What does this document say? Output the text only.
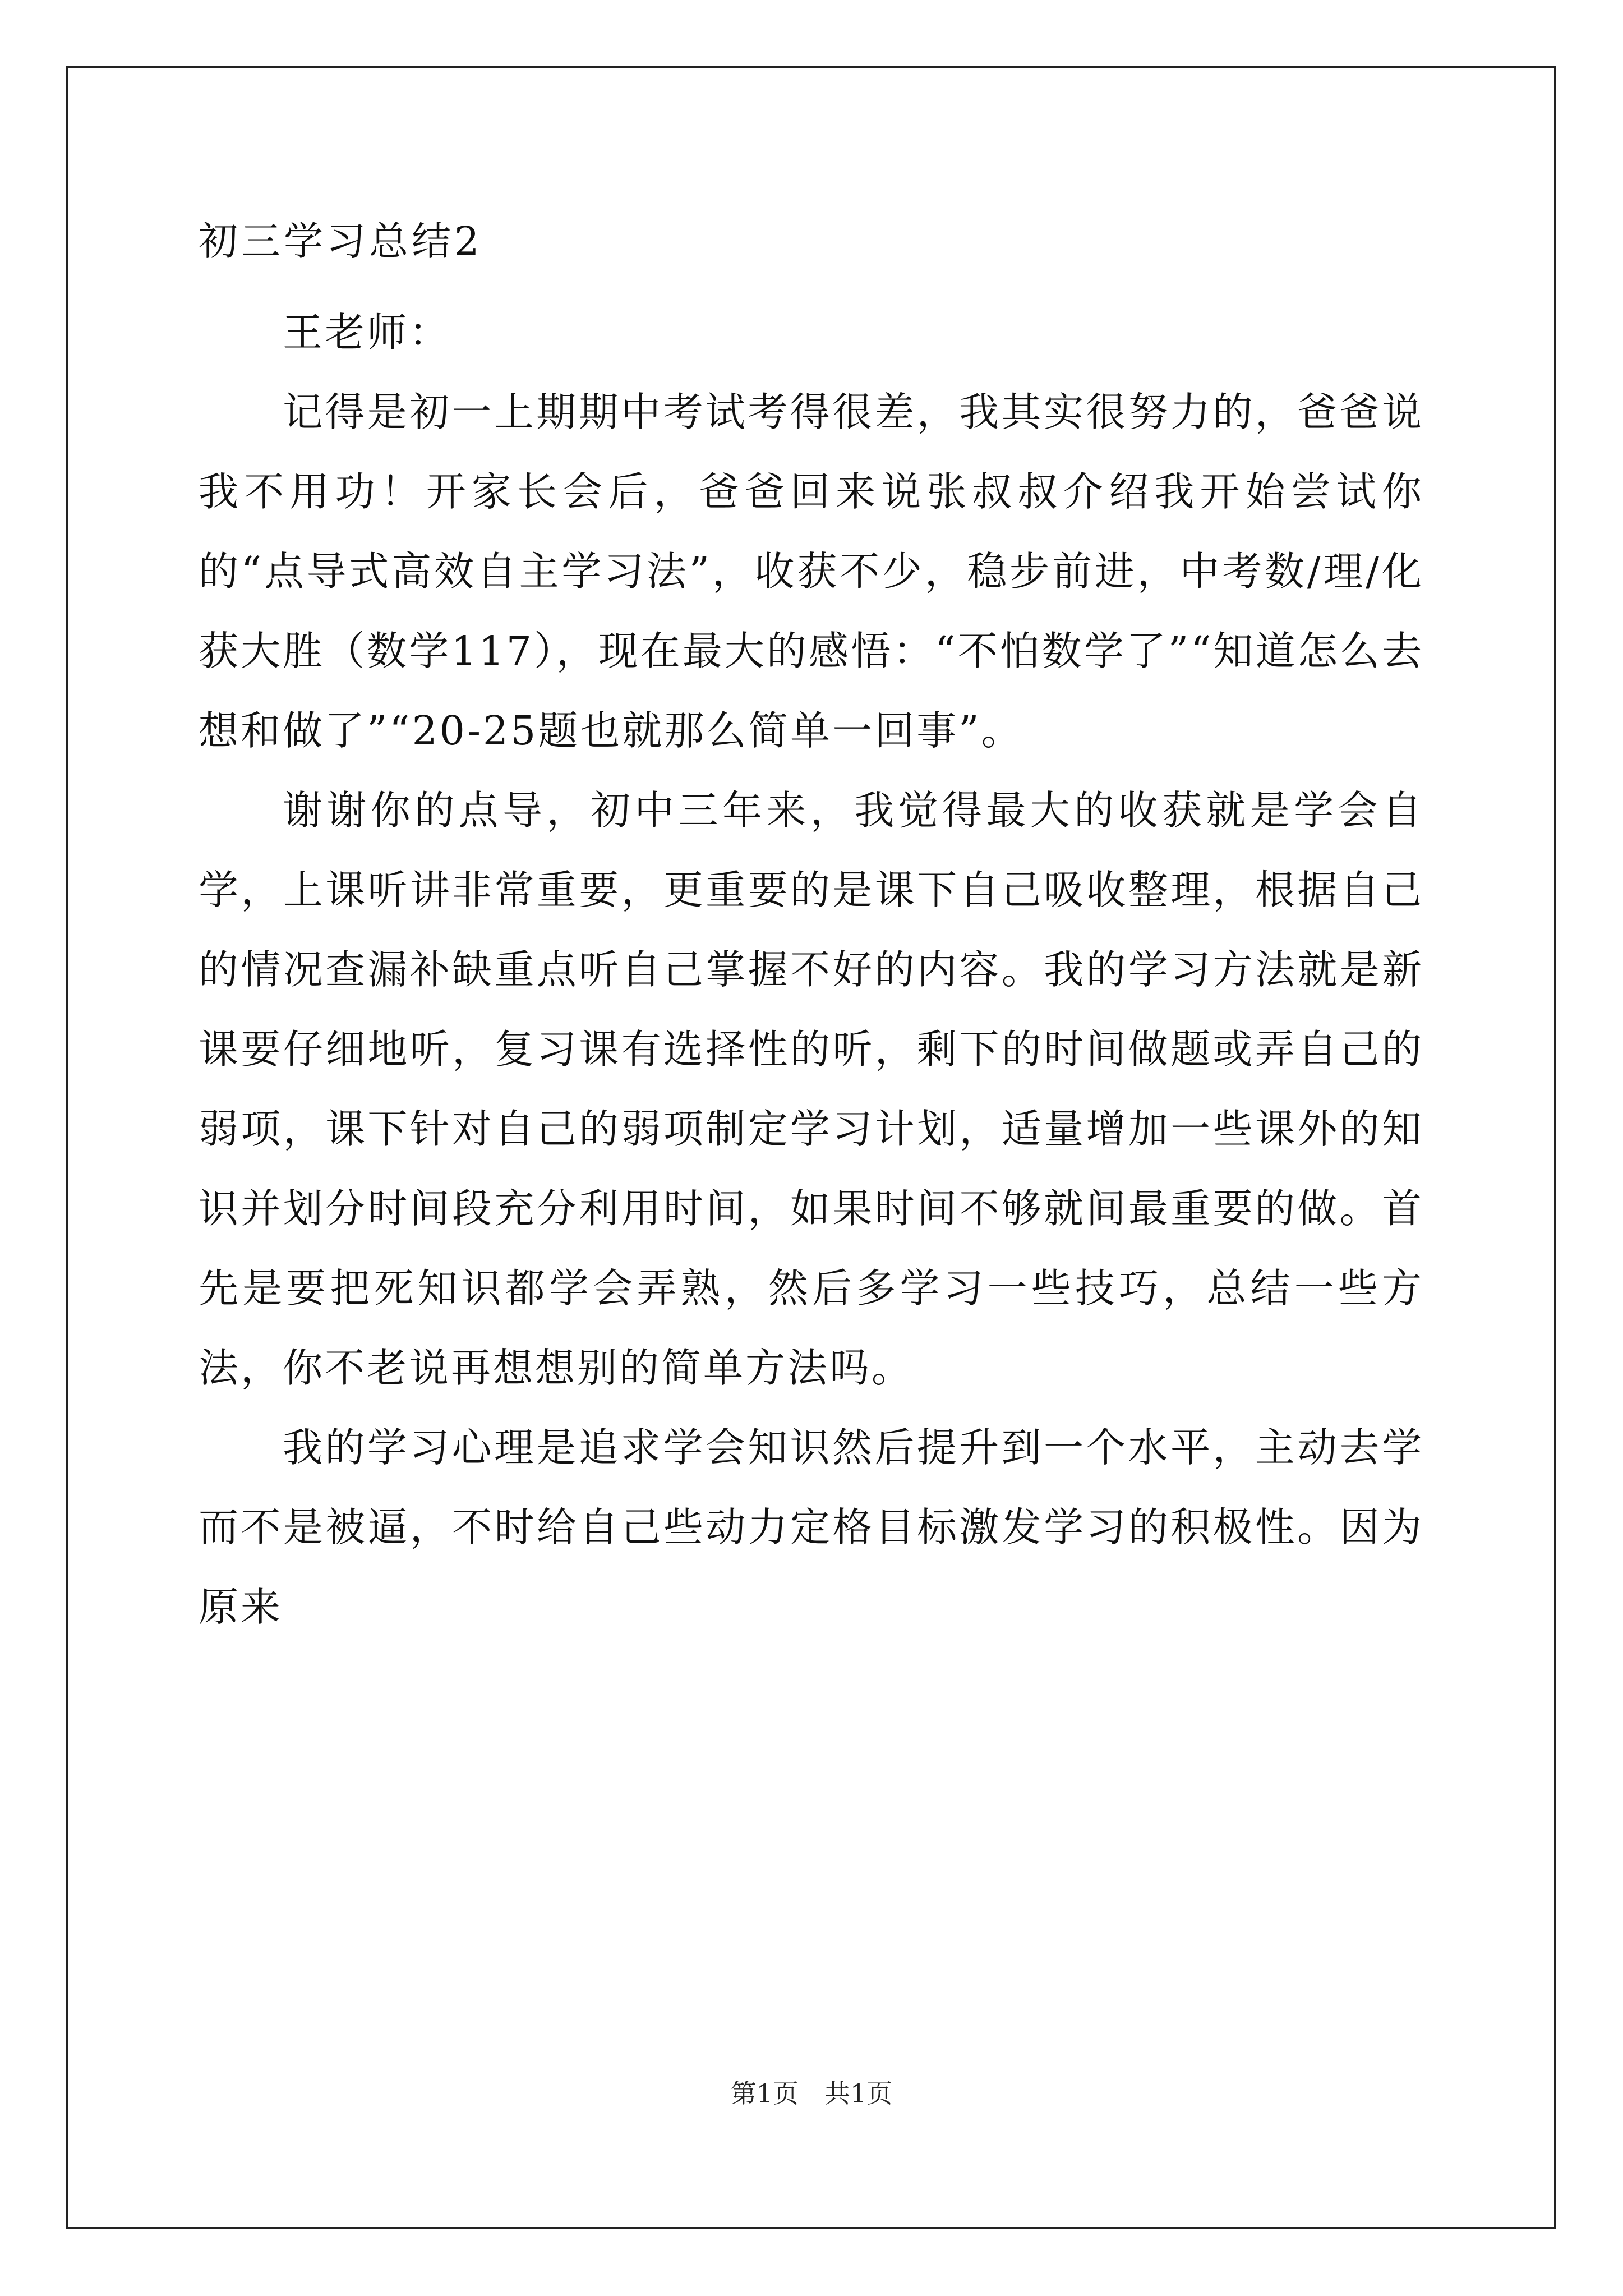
初三学习总结2

王老师：

记得是初一上期期中考试考得很差，我其实很努力的，爸爸说我不用功！开家长会后，爸爸回来说张叔叔介绍我开始尝试你的“点导式高效自主学习法”，收获不少，稳步前进，中考数/理/化获大胜（数学117），现在最大的感悟：“不怕数学了”“知道怎么去想和做了”“20-25题也就那么简单一回事”。

谢谢你的点导，初中三年来，我觉得最大的收获就是学会自学，上课听讲非常重要，更重要的是课下自己吸收整理，根据自己的情况查漏补缺重点听自己掌握不好的内容。我的学习方法就是新课要仔细地听，复习课有选择性的听，剩下的时间做题或弄自己的弱项，课下针对自己的弱项制定学习计划，适量增加一些课外的知识并划分时间段充分利用时间，如果时间不够就间最重要的做。首先是要把死知识都学会弄熟，然后多学习一些技巧，总结一些方法，你不老说再想想别的简单方法吗。

我的学习心理是追求学会知识然后提升到一个水平，主动去学而不是被逼，不时给自己些动力定格目标激发学习的积极性。因为原来

第1页　共1页
